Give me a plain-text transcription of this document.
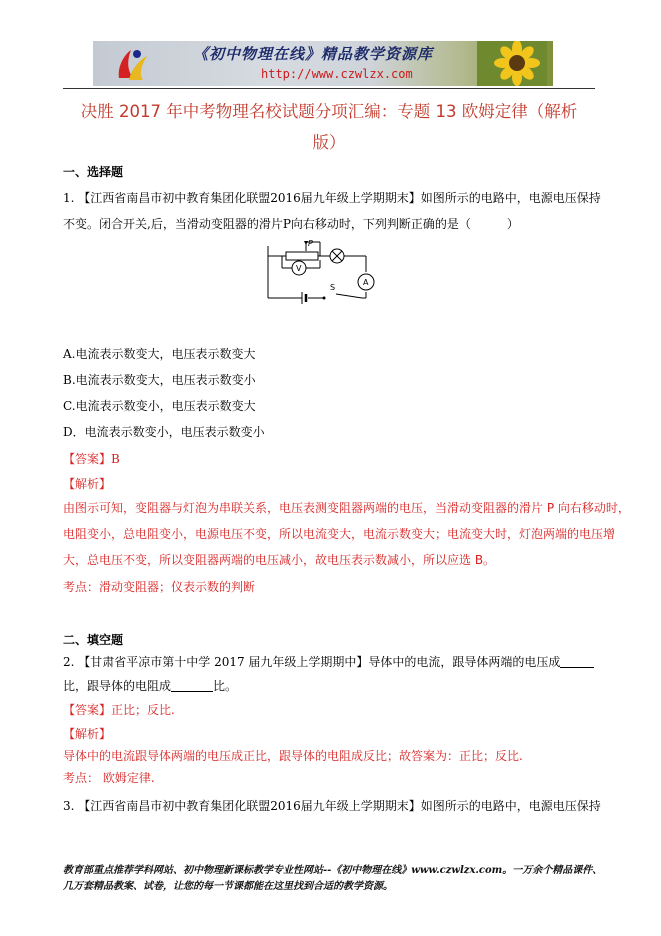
《初中物理在线》精品教学资源库
http://www.czwlzx.com
决胜 2017 年中考物理名校试题分项汇编：专题 13 欧姆定律（解析
版）
一、选择题
1. 【江西省南昌市初中教育集团化联盟2016届九年级上学期期末】如图所示的电路中，电源电压保持
不变。闭合开关,后，当滑动变阻器的滑片P向右移动时，下列判断正确的是（　　　）
P
V
A
S
A.电流表示数变大，电压表示数变大
B.电流表示数变大，电压表示数变小
C.电流表示数变小，电压表示数变大
D．电流表示数变小，电压表示数变小
【答案】B
【解析】
由图示可知，变阻器与灯泡为串联关系，电压表测变阻器两端的电压，当滑动变阻器的滑片 P 向右移动时，
电阻变小，总电阻变小，电源电压不变，所以电流变大，电流示数变大；电流变大时，灯泡两端的电压增
大，总电压不变，所以变阻器两端的电压减小，故电压表示数减小，所以应选 B。
考点：滑动变阻器；仪表示数的判断
二、填空题
2. 【甘肃省平凉市第十中学 2017 届九年级上学期期中】导体中的电流，跟导体两端的电压成
比，跟导体的电阻成	比。
【答案】正比；反比.
【解析】
导体中的电流跟导体两端的电压成正比，跟导体的电阻成反比；故答案为：正比；反比.
考点： 欧姆定律.
3. 【江西省南昌市初中教育集团化联盟2016届九年级上学期期末】如图所示的电路中，电源电压保持
教育部重点推荐学科网站、初中物理新课标教学专业性网站--《初中物理在线》www.czwlzx.com。一万余个精品课件、
几万套精品教案、试卷，让您的每一节课都能在这里找到合适的教学资源。
